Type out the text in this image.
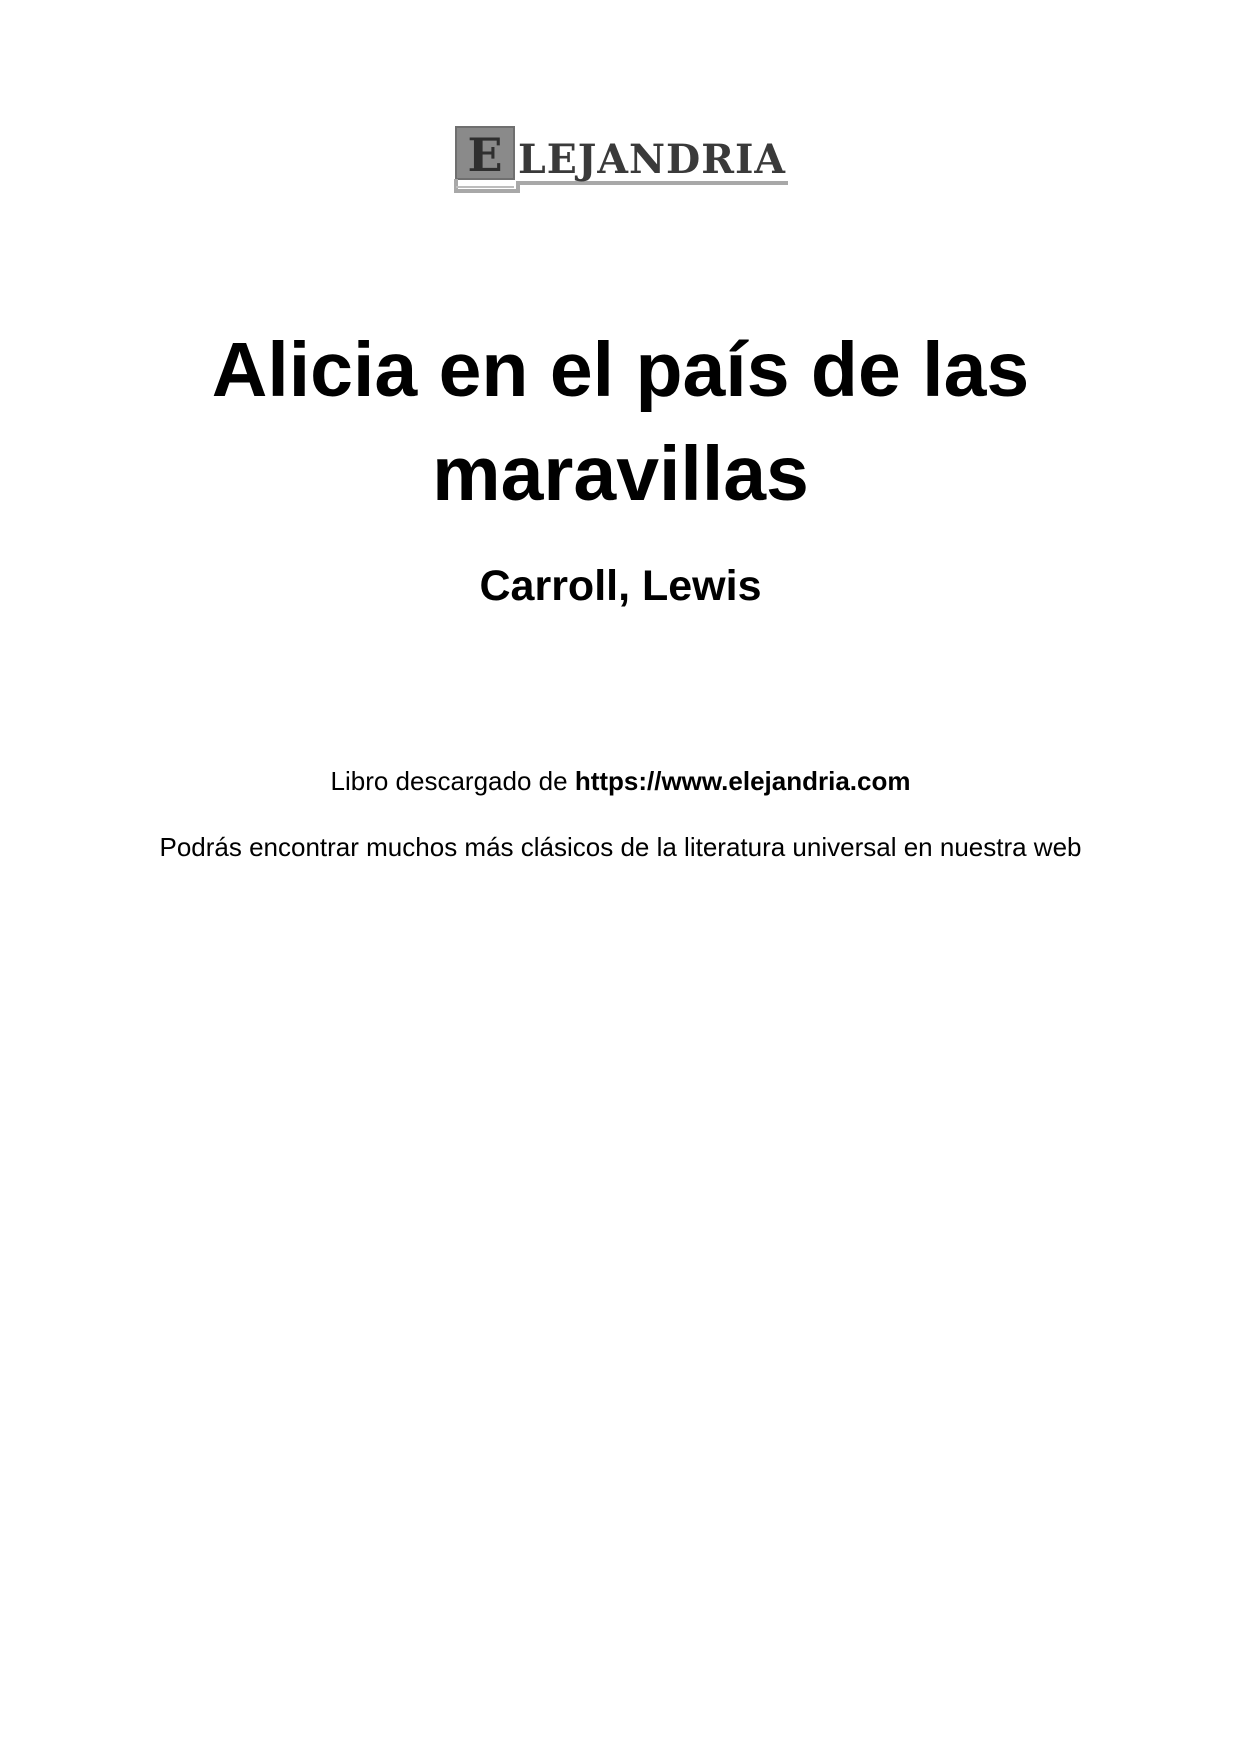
E LEJANDRIA
Alicia en el país de las
maravillas

Carroll, Lewis

Libro descargado de https://www.elejandria.com

Podrás encontrar muchos más clásicos de la literatura universal en nuestra web
